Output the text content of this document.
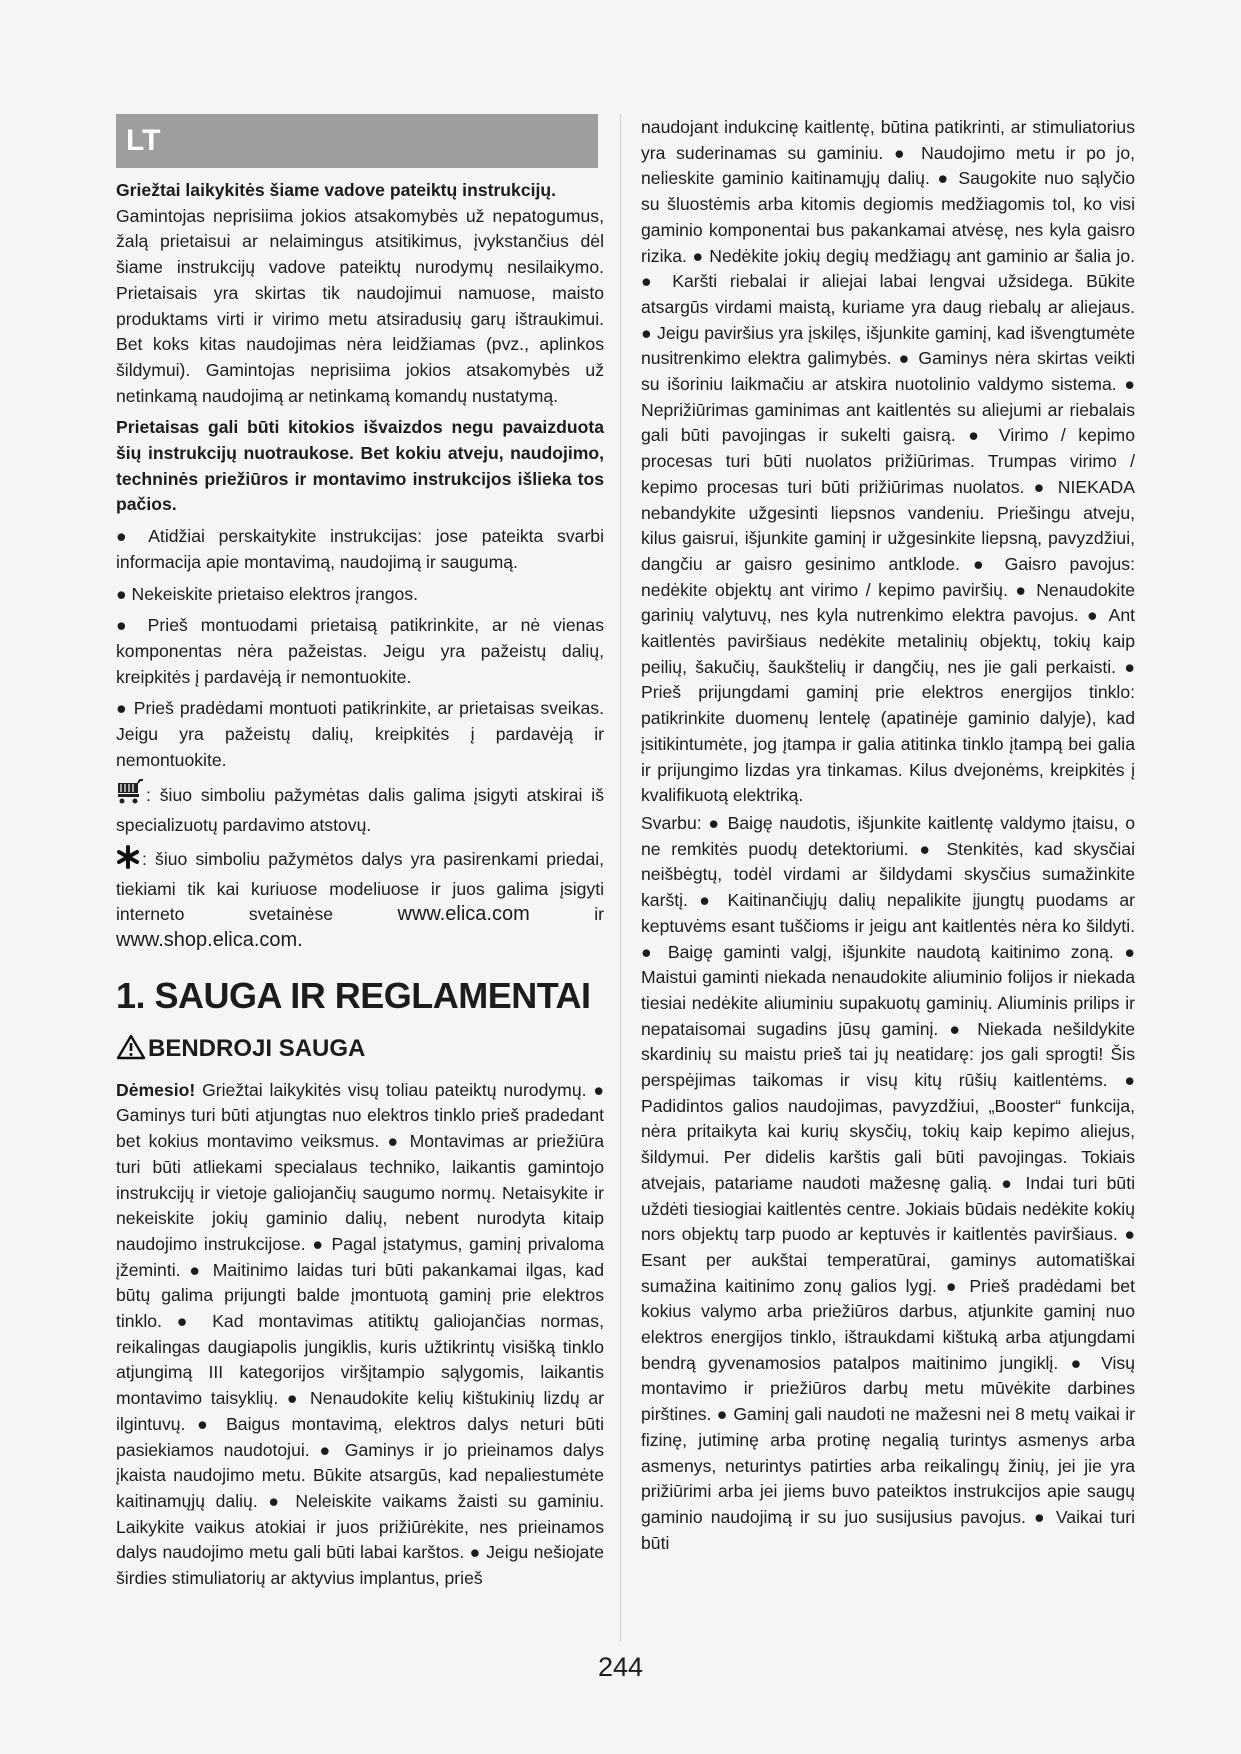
LT

Griežtai laikykitės šiame vadove pateiktų instrukcijų.

Gamintojas neprisiima jokios atsakomybės už nepatogumus, žalą prietaisui ar nelaimingus atsitikimus, įvykstančius dėl šiame instrukcijų vadove pateiktų nurodymų nesilaikymo. Prietaisais yra skirtas tik naudojimui namuose, maisto produktams virti ir virimo metu atsiradusių garų ištraukimui. Bet koks kitas naudojimas nėra leidžiamas (pvz., aplinkos šildymui). Gamintojas neprisiima jokios atsakomybės už netinkamą naudojimą ar netinkamą komandų nustatymą.

Prietaisas gali būti kitokios išvaizdos negu pavaizduota šių instrukcijų nuotraukose. Bet kokiu atveju, naudojimo, techninės priežiūros ir montavimo instrukcijos išlieka tos pačios.

● Atidžiai perskaitykite instrukcijas: jose pateikta svarbi informacija apie montavimą, naudojimą ir saugumą.

● Nekeiskite prietaiso elektros įrangos.

● Prieš montuodami prietaisą patikrinkite, ar nė vienas komponentas nėra pažeistas. Jeigu yra pažeistų dalių, kreipkitės į pardavėją ir nemontuokite.

● Prieš pradėdami montuoti patikrinkite, ar prietaisas sveikas. Jeigu yra pažeistų dalių, kreipkitės į pardavėją ir nemontuokite.

: šiuo simboliu pažymėtas dalis galima įsigyti atskirai iš specializuotų pardavimo atstovų.

: šiuo simboliu pažymėtos dalys yra pasirenkami priedai, tiekiami tik kai kuriuose modeliuose ir juos galima įsigyti interneto svetainėse	www.elica.com	ir www.shop.elica.com.

1. SAUGA IR REGLAMENTAI
BENDROJI SAUGA

Dėmesio! Griežtai laikykitės visų toliau pateiktų nurodymų. ● Gaminys turi būti atjungtas nuo elektros tinklo prieš pradedant bet kokius montavimo veiksmus. ● Montavimas ar priežiūra turi būti atliekami specialaus techniko, laikantis gamintojo instrukcijų ir vietoje galiojančių saugumo normų. Netaisykite ir nekeiskite jokių gaminio dalių, nebent nurodyta kitaip naudojimo instrukcijose. ● Pagal įstatymus, gaminį privaloma įžeminti. ● Maitinimo laidas turi būti pakankamai ilgas, kad būtų galima prijungti balde įmontuotą gaminį prie elektros tinklo. ● Kad montavimas atitiktų galiojančias normas, reikalingas daugiapolis jungiklis, kuris užtikrintų visišką tinklo atjungimą III kategorijos viršįtampio sąlygomis, laikantis montavimo taisyklių. ● Nenaudokite kelių kištukinių lizdų ar ilgintuvų. ● Baigus montavimą, elektros dalys neturi būti pasiekiamos naudotojui. ● Gaminys ir jo prieinamos dalys įkaista naudojimo metu. Būkite atsargūs, kad nepaliestumėte kaitinamųjų dalių. ● Neleiskite vaikams žaisti su gaminiu. Laikykite vaikus atokiai ir juos prižiūrėkite, nes prieinamos dalys naudojimo metu gali būti labai karštos. ● Jeigu nešiojate širdies stimuliatorių ar aktyvius implantus, prieš

naudojant indukcinę kaitlentę, būtina patikrinti, ar stimuliatorius yra suderinamas su gaminiu. ● Naudojimo metu ir po jo, nelieskite gaminio kaitinamųjų dalių. ● Saugokite nuo sąlyčio su šluostėmis arba kitomis degiomis medžiagomis tol, ko visi gaminio komponentai bus pakankamai atvėsę, nes kyla gaisro rizika. ● Nedėkite jokių degių medžiagų ant gaminio ar šalia jo. ● Karšti riebalai ir aliejai labai lengvai užsidega. Būkite atsargūs virdami maistą, kuriame yra daug riebalų ar aliejaus. ● Jeigu paviršius yra įskilęs, išjunkite gaminį, kad išvengtumėte nusitrenkimo elektra galimybės. ● Gaminys nėra skirtas veikti su išoriniu laikmačiu ar atskira nuotolinio valdymo sistema. ● Neprižiūrimas gaminimas ant kaitlentės su aliejumi ar riebalais gali būti pavojingas ir sukelti gaisrą. ● Virimo / kepimo procesas turi būti nuolatos prižiūrimas. Trumpas virimo / kepimo procesas turi būti prižiūrimas nuolatos. ● NIEKADA nebandykite užgesinti liepsnos vandeniu. Priešingu atveju, kilus gaisrui, išjunkite gaminį ir užgesinkite liepsną, pavyzdžiui, dangčiu ar gaisro gesinimo antklode. ● Gaisro pavojus: nedėkite objektų ant virimo / kepimo paviršių. ● Nenaudokite garinių valytuvų, nes kyla nutrenkimo elektra pavojus. ● Ant kaitlentės paviršiaus nedėkite metalinių objektų, tokių kaip peilių, šakučių, šaukštelių ir dangčių, nes jie gali perkaisti. ● Prieš prijungdami gaminį prie elektros energijos tinklo: patikrinkite duomenų lentelę (apatinėje gaminio dalyje), kad įsitikintumėte, jog įtampa ir galia atitinka tinklo įtampą bei galia ir prijungimo lizdas yra tinkamas. Kilus dvejonėms, kreipkitės į kvalifikuotą elektriką.

Svarbu: ● Baigę naudotis, išjunkite kaitlentę valdymo įtaisu, o ne remkitės puodų detektoriumi. ● Stenkitės, kad skysčiai neišbėgtų, todėl virdami ar šildydami skysčius sumažinkite karštį. ● Kaitinančiųjų dalių nepalikite įjungtų puodams ar keptuvėms esant tuščioms ir jeigu ant kaitlentės nėra ko šildyti. ● Baigę gaminti valgį, išjunkite naudotą kaitinimo zoną. ● Maistui gaminti niekada nenaudokite aliuminio folijos ir niekada tiesiai nedėkite aliuminiu supakuotų gaminių. Aliuminis prilips ir nepataisomai sugadins jūsų gaminį. ● Niekada nešildykite skardinių su maistu prieš tai jų neatidarę: jos gali sprogti! Šis perspėjimas taikomas ir visų kitų rūšių kaitlentėms. ● Padidintos galios naudojimas, pavyzdžiui, „Booster“ funkcija, nėra pritaikyta kai kurių skysčių, tokių kaip kepimo aliejus, šildymui. Per didelis karštis gali būti pavojingas. Tokiais atvejais, patariame naudoti mažesnę galią. ● Indai turi būti uždėti tiesiogiai kaitlentės centre. Jokiais būdais nedėkite kokių nors objektų tarp puodo ar keptuvės ir kaitlentės paviršiaus. ● Esant per aukštai temperatūrai, gaminys automatiškai sumažina kaitinimo zonų galios lygį. ● Prieš pradėdami bet kokius valymo arba priežiūros darbus, atjunkite gaminį nuo elektros energijos tinklo, ištraukdami kištuką arba atjungdami bendrą gyvenamosios patalpos maitinimo jungiklį. ● Visų montavimo ir priežiūros darbų metu mūvėkite darbines pirštines. ● Gaminį gali naudoti ne mažesni nei 8 metų vaikai ir fizinę, jutiminę arba protinę negalią turintys asmenys arba asmenys, neturintys patirties arba reikalingų žinių, jei jie yra prižiūrimi arba jei jiems buvo pateiktos instrukcijos apie saugų gaminio naudojimą ir su juo susijusius pavojus. ● Vaikai turi būti

244
